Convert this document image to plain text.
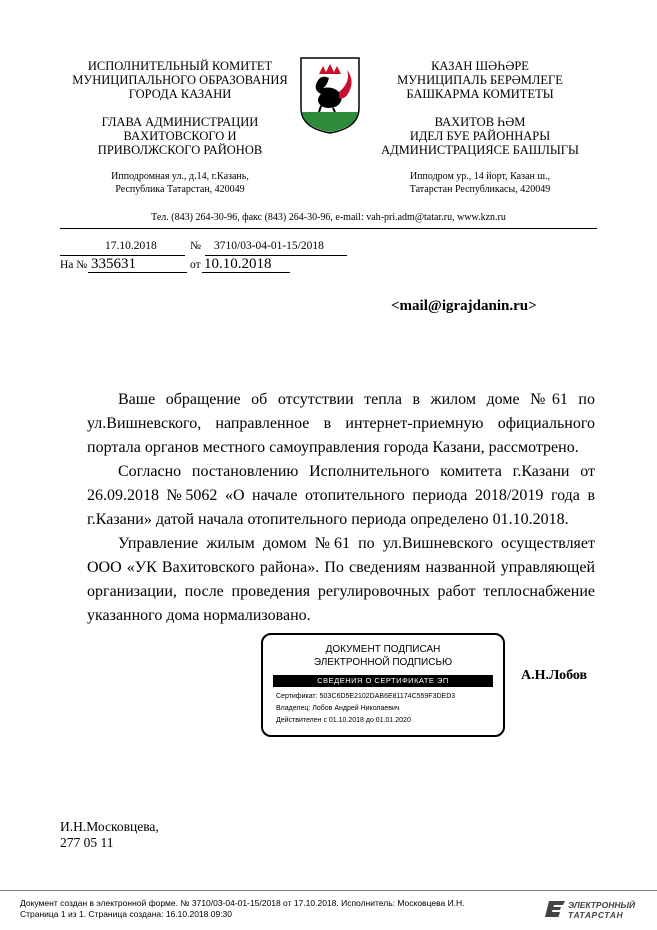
ИСПОЛНИТЕЛЬНЫЙ КОМИТЕТ
МУНИЦИПАЛЬНОГО ОБРАЗОВАНИЯ
ГОРОДА КАЗАНИ
ГЛАВА АДМИНИСТРАЦИИ
ВАХИТОВСКОГО И
ПРИВОЛЖСКОГО РАЙОНОВ
Ипподромная ул., д.14, г.Казань,
Республика Татарстан, 420049
КАЗАН ШӘҺӘРЕ
МУНИЦИПАЛЬ БЕРӘМЛЕГЕ
БАШКАРМА КОМИТЕТЫ
ВАХИТОВ ҺӘМ
ИДЕЛ БУЕ РАЙОННАРЫ
АДМИНИСТРАЦИЯСЕ БАШЛЫГЫ
Ипподром ур., 14 йорт, Казан ш.,
Татарстан Республикасы, 420049
Тел. (843) 264-30-96, факс (843) 264-30-96, e-mail: vah-pri.adm@tatar.ru, www.kzn.ru
17.10.2018	№ 3710/03-04-01-15/2018
На № 335631	от 10.10.2018
<mail@igrajdanin.ru>

Ваше обращение об отсутствии тепла в жилом доме №61 по ул.Вишневского, направленное в интернет-приемную официального портала органов местного самоуправления города Казани, рассмотрено.

Согласно постановлению Исполнительного комитета г.Казани от 26.09.2018 №5062 «О начале отопительного периода 2018/2019 года в г.Казани» датой начала отопительного периода определено 01.10.2018.

Управление жилым домом №61 по ул.Вишневского осуществляет ООО «УК Вахитовского района». По сведениям названной управляющей организации, после проведения регулировочных работ теплоснабжение указанного дома нормализовано.

ДОКУМЕНТ ПОДПИСАН
ЭЛЕКТРОННОЙ ПОДПИСЬЮ
СВЕДЕНИЯ О СЕРТИФИКАТЕ ЭП
Сертификат: 50ЗC6D5E2102DAB6E81174C559F3DED3
Владелец: Лобов Андрей Николаевич
Действителен с 01.10.2018 до 01.01.2020
А.Н.Лобов
И.Н.Московцева,
277 05 11
Документ создан в электронной форме. № 3710/03-04-01-15/2018 от 17.10.2018. Исполнитель: Московцева И.Н.
Страница 1 из 1. Страница создана: 16.10.2018 09:30
ЭЛЕКТРОННЫЙ
ТАТАРСТАН
